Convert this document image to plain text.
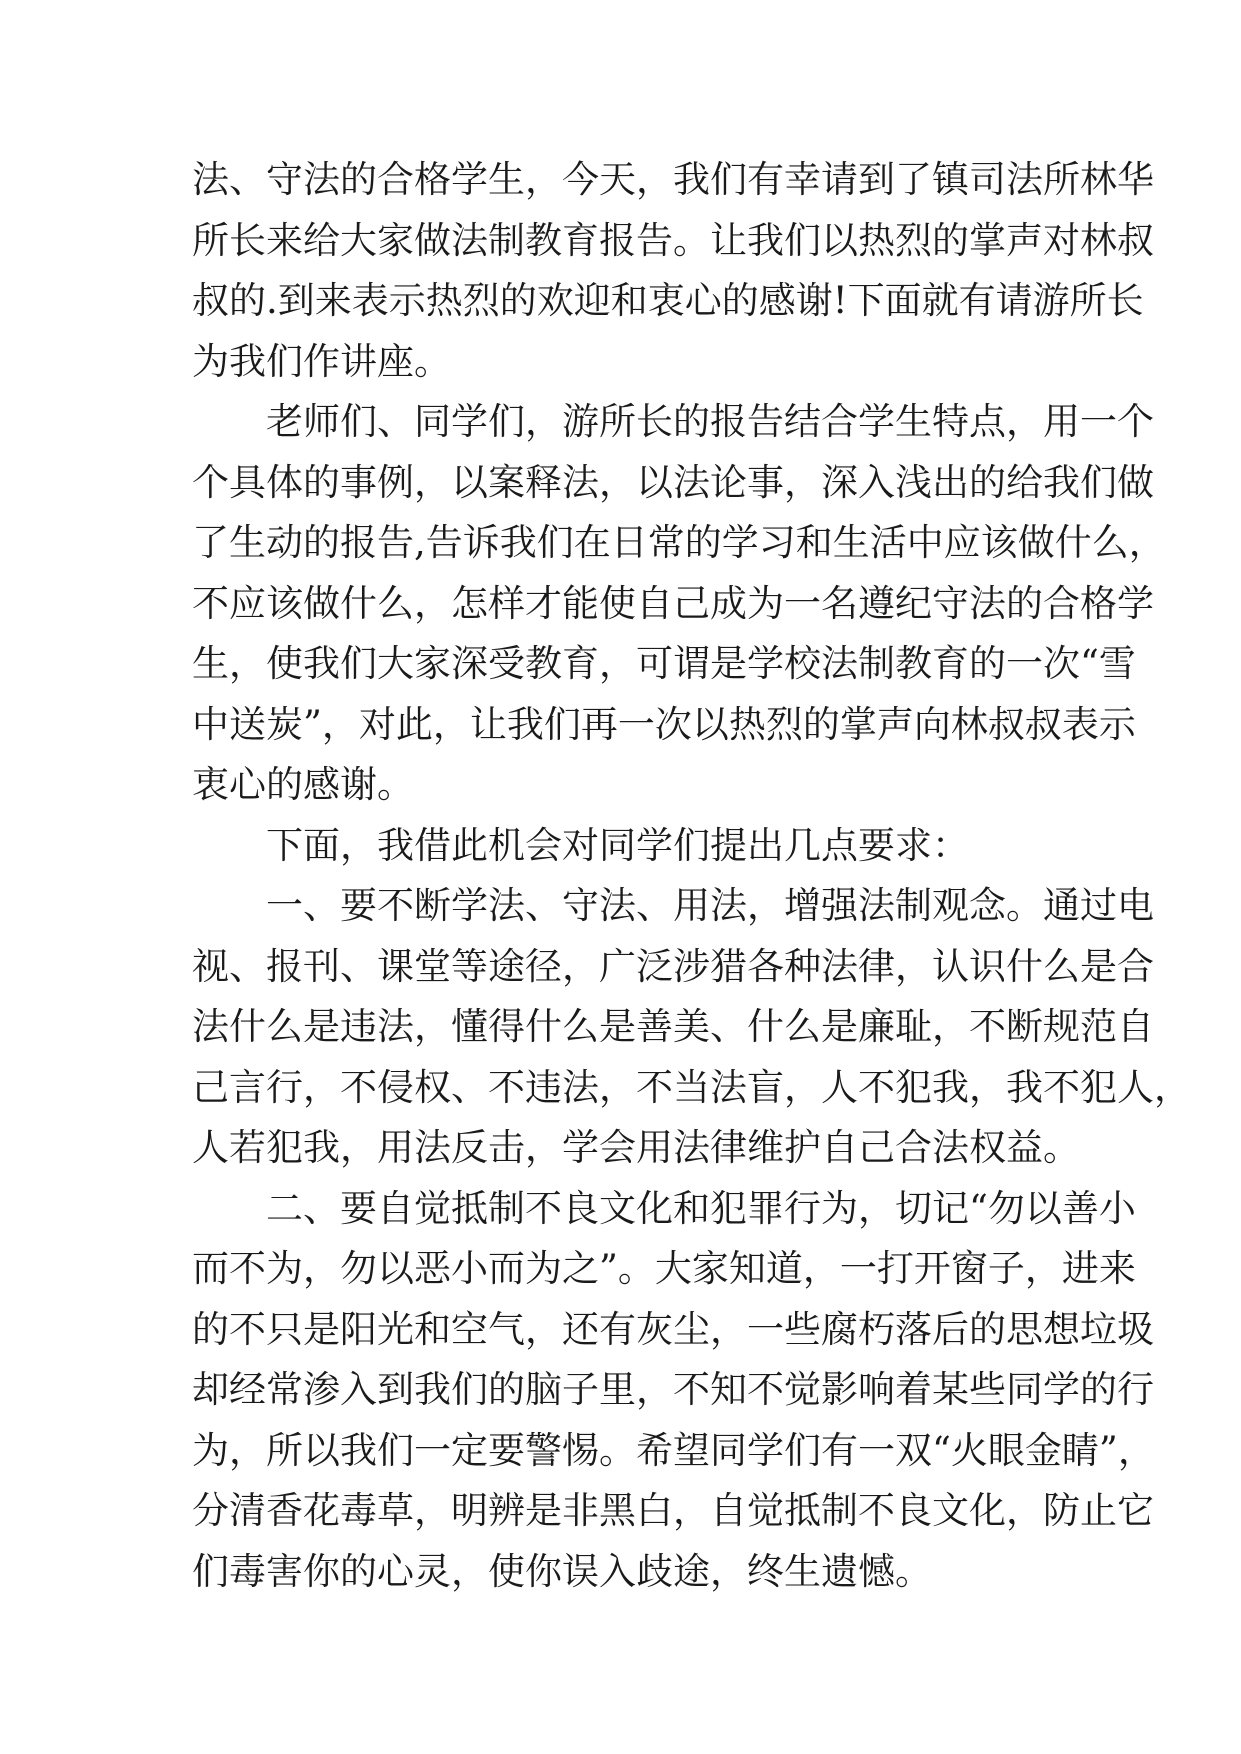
法、守法的合格学生，今天，我们有幸请到了镇司法所林华
所长来给大家做法制教育报告。让我们以热烈的掌声对林叔
叔的.到来表示热烈的欢迎和衷心的感谢!下面就有请游所长
为我们作讲座。
老师们、同学们，游所长的报告结合学生特点，用一个
个具体的事例，以案释法，以法论事，深入浅出的给我们做
了生动的报告,告诉我们在日常的学习和生活中应该做什么，
不应该做什么，怎样才能使自己成为一名遵纪守法的合格学
生，使我们大家深受教育，可谓是学校法制教育的一次“雪
中送炭”，对此，让我们再一次以热烈的掌声向林叔叔表示
衷心的感谢。
下面，我借此机会对同学们提出几点要求：
一、要不断学法、守法、用法，增强法制观念。通过电
视、报刊、课堂等途径，广泛涉猎各种法律，认识什么是合
法什么是违法，懂得什么是善美、什么是廉耻，不断规范自
己言行，不侵权、不违法，不当法盲，人不犯我，我不犯人，
人若犯我，用法反击，学会用法律维护自己合法权益。
二、要自觉抵制不良文化和犯罪行为，切记“勿以善小
而不为，勿以恶小而为之”。大家知道，一打开窗子，进来
的不只是阳光和空气，还有灰尘，一些腐朽落后的思想垃圾
却经常渗入到我们的脑子里，不知不觉影响着某些同学的行
为，所以我们一定要警惕。希望同学们有一双“火眼金睛”，
分清香花毒草，明辨是非黑白，自觉抵制不良文化，防止它
们毒害你的心灵，使你误入歧途，终生遗憾。
